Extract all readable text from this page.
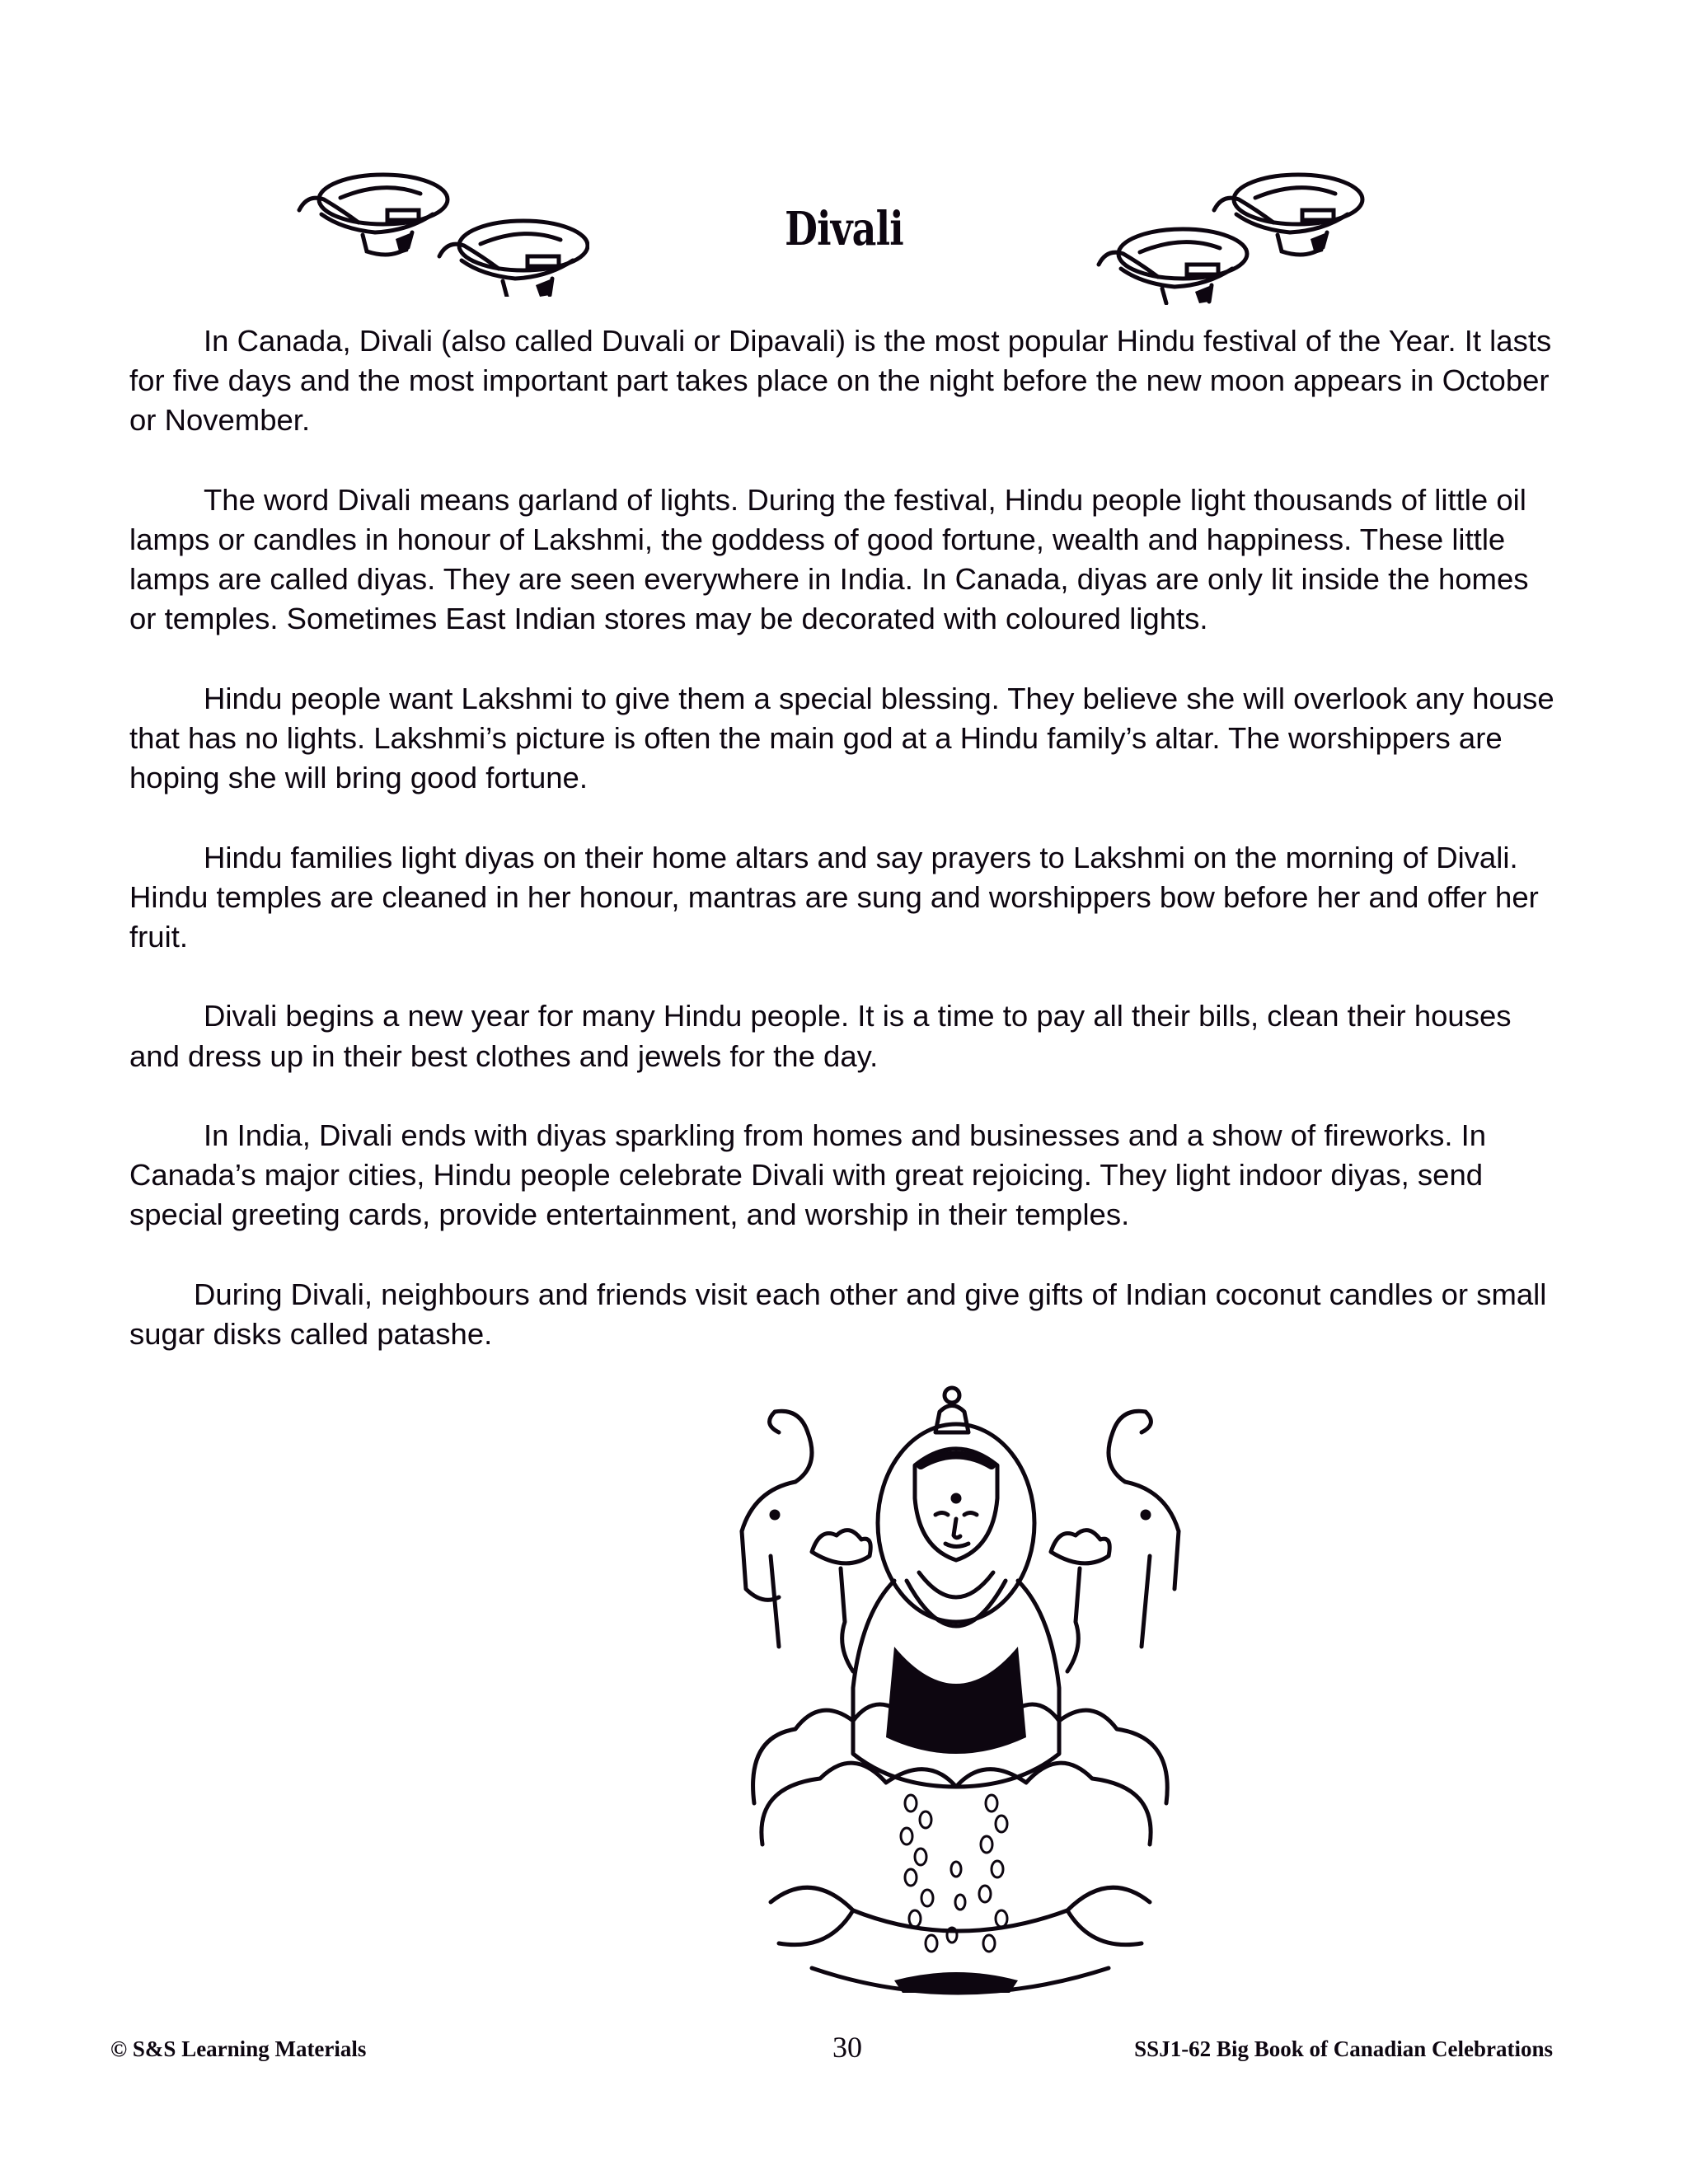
Divali

In Canada, Divali (also called Duvali or Dipavali) is the most popular Hindu festival of the Year. It lasts for five days and the most important part takes place on the night before the new moon appears in October or November.

The word Divali means garland of lights. During the festival, Hindu people light thousands of little oil lamps or candles in honour of Lakshmi, the goddess of good fortune, wealth and happiness. These little lamps are called diyas. They are seen everywhere in India. In Canada, diyas are only lit inside the homes or temples. Sometimes East Indian stores may be decorated with coloured lights.

Hindu people want Lakshmi to give them a special blessing. They believe she will overlook any house that has no lights. Lakshmi’s picture is often the main god at a Hindu family’s altar. The worshippers are hoping she will bring good fortune.

Hindu families light diyas on their home altars and say prayers to Lakshmi on the morning of Divali. Hindu temples are cleaned in her honour, mantras are sung and worshippers bow before her and offer her fruit.

Divali begins a new year for many Hindu people. It is a time to pay all their bills, clean their houses and dress up in their best clothes and jewels for the day.

In India, Divali ends with diyas sparkling from homes and businesses and a show of fireworks. In Canada’s major cities, Hindu people celebrate Divali with great rejoicing. They light indoor diyas, send special greeting cards, provide entertainment, and worship in their temples.

During Divali, neighbours and friends visit each other and give gifts of Indian coconut candles or small sugar disks called patashe.

© S&S Learning Materials	30	SSJ1-62 Big Book of Canadian Celebrations
